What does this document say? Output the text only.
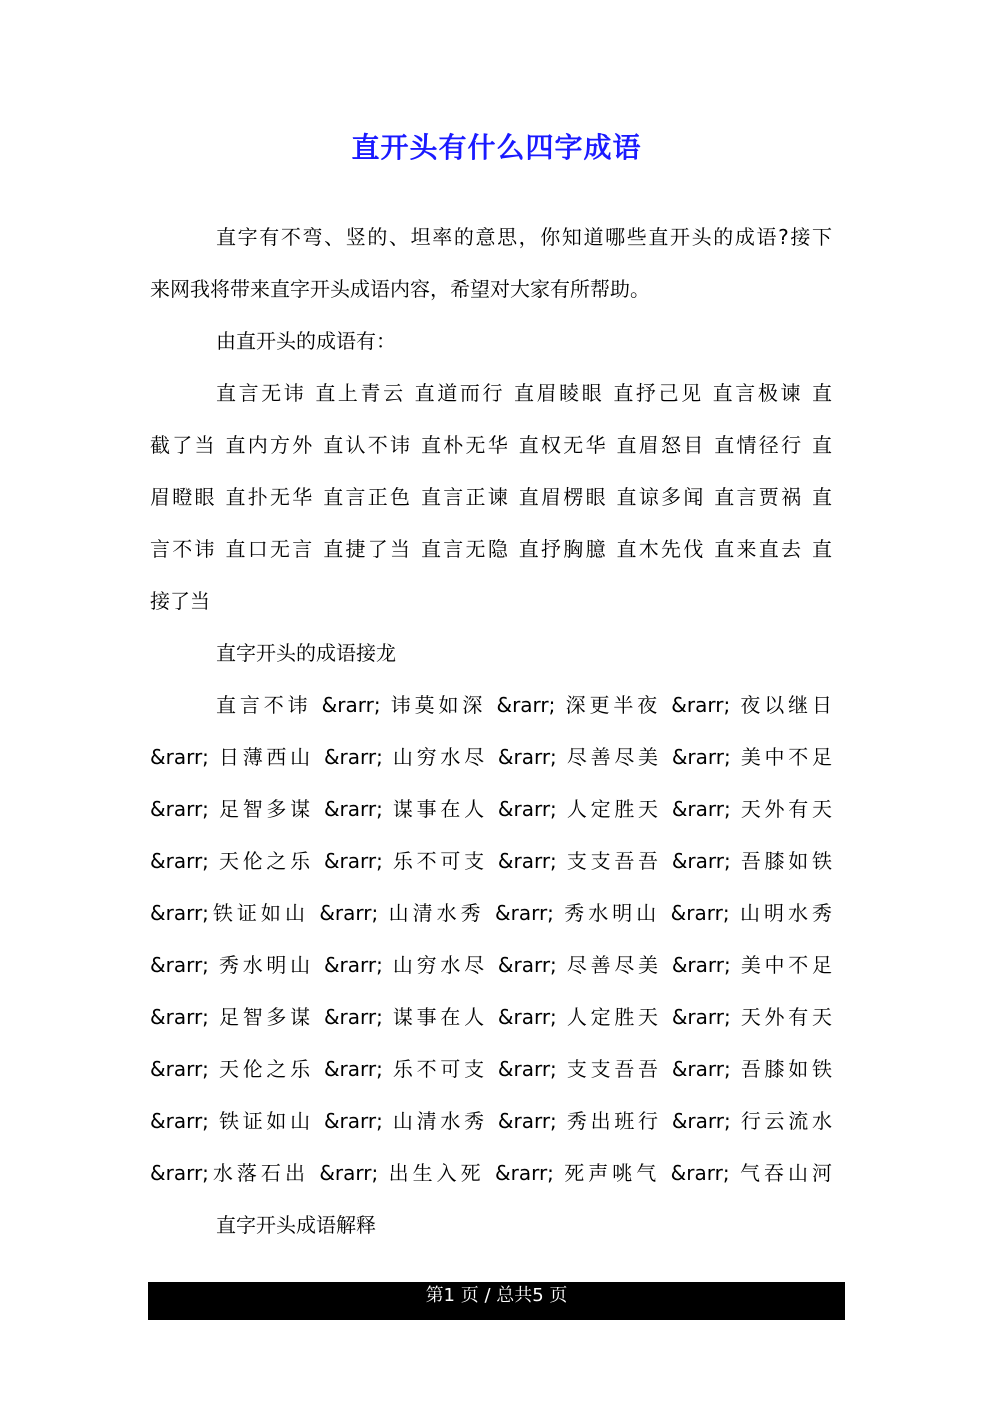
直开头有什么四字成语
直字有不弯、竖的、坦率的意思，你知道哪些直开头的成语?接下
来网我将带来直字开头成语内容，希望对大家有所帮助。
由直开头的成语有：
直言无讳 直上青云 直道而行 直眉睖眼 直抒己见 直言极谏 直
截了当 直内方外 直认不讳 直朴无华 直权无华 直眉怒目 直情径行 直
眉瞪眼 直扑无华 直言正色 直言正谏 直眉楞眼 直谅多闻 直言贾祸 直
言不讳 直口无言 直捷了当 直言无隐 直抒胸臆 直木先伐 直来直去 直
接了当
直字开头的成语接龙
直言不讳 &rarr; 讳莫如深 &rarr; 深更半夜 &rarr; 夜以继日
&rarr; 日薄西山 &rarr; 山穷水尽 &rarr; 尽善尽美 &rarr; 美中不足
&rarr; 足智多谋 &rarr; 谋事在人 &rarr; 人定胜天 &rarr; 天外有天
&rarr; 天伦之乐 &rarr; 乐不可支 &rarr; 支支吾吾 &rarr; 吾膝如铁
&rarr;铁证如山 &rarr; 山清水秀 &rarr; 秀水明山 &rarr; 山明水秀
&rarr; 秀水明山 &rarr; 山穷水尽 &rarr; 尽善尽美 &rarr; 美中不足
&rarr; 足智多谋 &rarr; 谋事在人 &rarr; 人定胜天 &rarr; 天外有天
&rarr; 天伦之乐 &rarr; 乐不可支 &rarr; 支支吾吾 &rarr; 吾膝如铁
&rarr; 铁证如山 &rarr; 山清水秀 &rarr; 秀出班行 &rarr; 行云流水
&rarr;水落石出 &rarr; 出生入死 &rarr; 死声咷气 &rarr; 气吞山河
直字开头成语解释
第1 页 / 总共5 页
